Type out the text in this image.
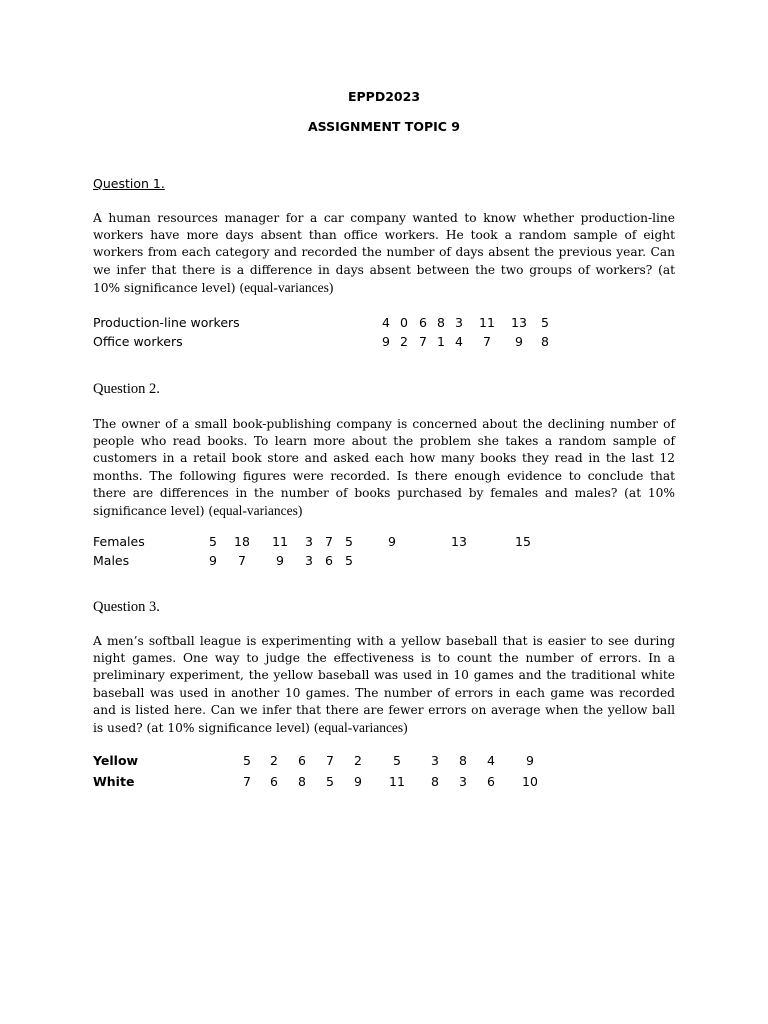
EPPD2023
ASSIGNMENT TOPIC 9
Question 1.

A human resources manager for a car company wanted to know whether production-line workers have more days absent than office workers. He took a random sample of eight workers from each category and recorded the number of days absent the previous year. Can we infer that there is a difference in days absent between the two groups of workers? (at 10% significance level) (equal-variances)

Production-line workers	4 0 6 8 3	11	13	5
Office workers	9 2 7 1 4	7	9	8
Question 2.

The owner of a small book-publishing company is concerned about the declining number of people who read books. To learn more about the problem she takes a random sample of customers in a retail book store and asked each how many books they read in the last 12 months. The following figures were recorded. Is there enough evidence to conclude that there are differences in the number of books purchased by females and males? (at 10% significance level) (equal-variances)

Females	5	18	11	3 7 5	9	13	15
Males	9	7	9	3 6 5
Question 3.

A men’s softball league is experimenting with a yellow baseball that is easier to see during night games. One way to judge the effectiveness is to count the number of errors. In a preliminary experiment, the yellow baseball was used in 10 games and the traditional white baseball was used in another 10 games. The number of errors in each game was recorded and is listed here. Can we infer that there are fewer errors on average when the yellow ball is used? (at 10% significance level) (equal-variances)

Yellow	5	2	6	7	2	5	3	8	4	9
White	7	6	8	5	9	11	8	3	6	10
